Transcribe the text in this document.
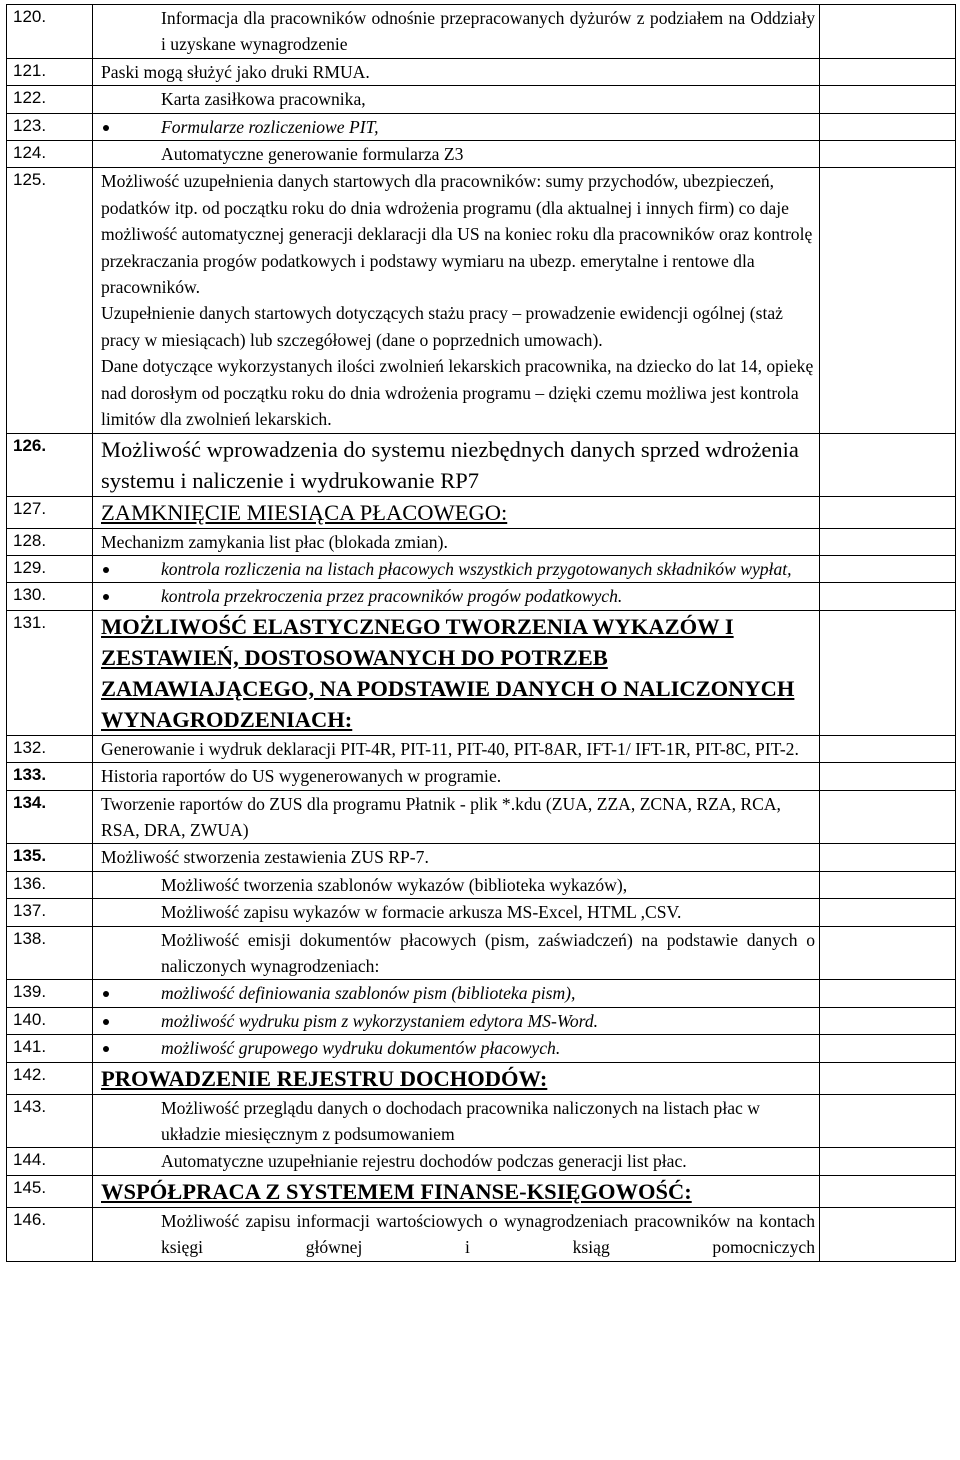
120.	Informacja dla pracowników odnośnie przepracowanych dyżurów z podziałem na Oddziały i uzyskane wynagrodzenie	
121.	Paski mogą służyć jako druki RMUA.	
122.	Karta zasiłkowa pracownika,	
123.	Formularze rozliczeniowe PIT,	
124.	Automatyczne generowanie formularza Z3	
125.	Możliwość uzupełnienia danych startowych dla pracowników: sumy przychodów, ubezpieczeń, podatków itp. od początku roku do dnia wdrożenia programu (dla aktualnej i innych firm) co daje możliwość automatycznej generacji deklaracji dla US na koniec roku dla pracowników oraz kontrolę przekraczania progów podatkowych i podstawy wymiaru na ubezp. emerytalne i rentowe dla pracowników.

Uzupełnienie danych startowych dotyczących stażu pracy – prowadzenie ewidencji ogólnej (staż pracy w miesiącach) lub szczegółowej (dane o poprzednich umowach).

Dane dotyczące wykorzystanych ilości zwolnień lekarskich pracownika, na dziecko do lat 14, opiekę nad dorosłym od początku roku do dnia wdrożenia programu – dzięki czemu możliwa jest kontrola limitów dla zwolnień lekarskich.	

126.	Możliwość wprowadzenia do systemu niezbędnych danych sprzed wdrożenia systemu i naliczenie i wydrukowanie RP7	
127.	ZAMKNIĘCIE MIESIĄCA PŁACOWEGO:	
128.	Mechanizm zamykania list płac (blokada zmian).	
129.	kontrola rozliczenia na listach płacowych wszystkich przygotowanych składników wypłat,	
130.	kontrola przekroczenia przez pracowników progów podatkowych.	
131.	MOŻLIWOŚĆ ELASTYCZNEGO TWORZENIA WYKAZÓW I ZESTAWIEŃ, DOSTOSOWANYCH DO POTRZEB ZAMAWIAJĄCEGO, NA PODSTAWIE DANYCH O NALICZONYCH WYNAGRODZENIACH:	
132.	Generowanie i wydruk deklaracji PIT-4R, PIT-11, PIT-40, PIT-8AR, IFT-1/ IFT-1R, PIT-8C, PIT-2.	
133.	Historia raportów do US wygenerowanych w programie.	
134.	Tworzenie raportów do ZUS dla programu Płatnik - plik *.kdu (ZUA, ZZA, ZCNA, RZA, RCA, RSA, DRA, ZWUA)	
135.	Możliwość stworzenia zestawienia ZUS RP-7.	
136.	Możliwość tworzenia szablonów wykazów (biblioteka wykazów),	
137.	Możliwość zapisu wykazów w formacie arkusza MS-Excel, HTML ,CSV.	
138.	Możliwość emisji dokumentów płacowych (pism, zaświadczeń) na podstawie danych o naliczonych wynagrodzeniach:	
139.	możliwość definiowania szablonów pism (biblioteka pism),	
140.	możliwość wydruku pism z wykorzystaniem edytora MS-Word.	
141.	możliwość grupowego wydruku dokumentów płacowych.	
142.	PROWADZENIE REJESTRU DOCHODÓW:	
143.	Możliwość przeglądu danych o dochodach pracownika naliczonych na listach płac w układzie miesięcznym z podsumowaniem	
144.	Automatyczne uzupełnianie rejestru dochodów podczas generacji list płac.	
145.	WSPÓŁPRACA Z SYSTEMEM FINANSE-KSIĘGOWOŚĆ:	
146.	Możliwość zapisu informacji wartościowych o wynagrodzeniach pracowników na kontach księgi głównej i ksiąg pomocniczych	
